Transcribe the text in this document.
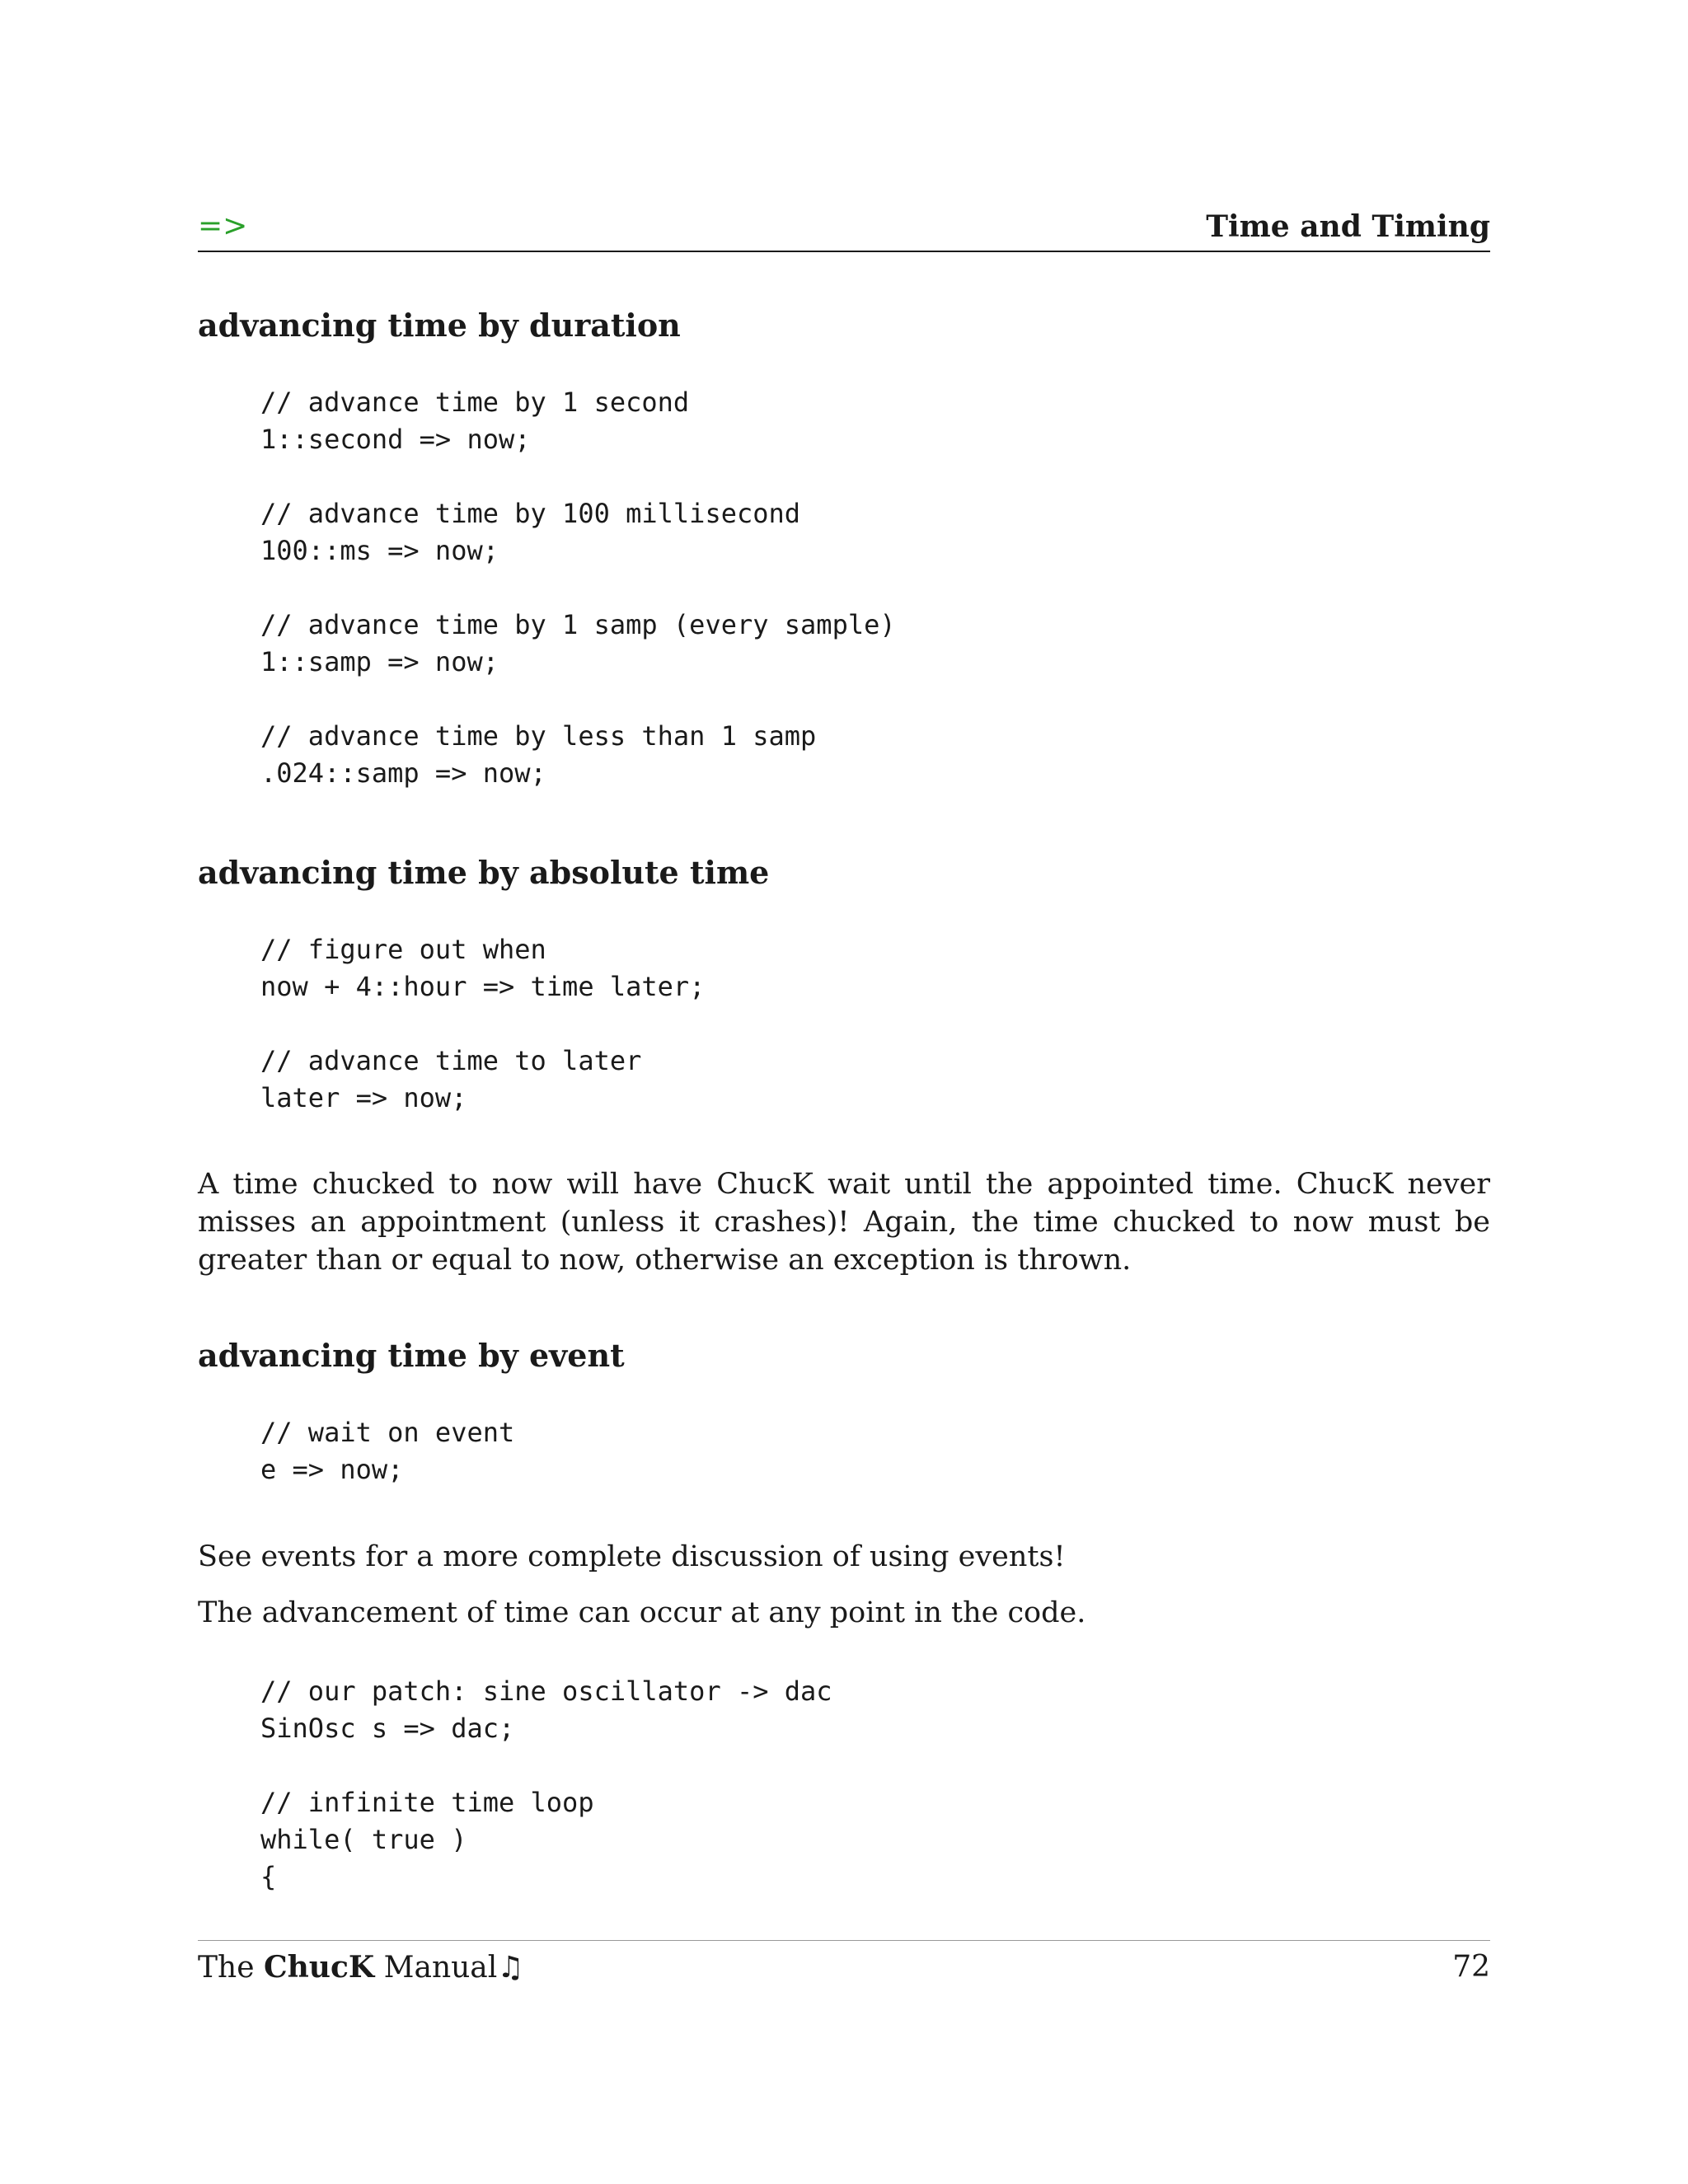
=>	Time and Timing
advancing time by duration
// advance time by 1 second
1::second => now;

// advance time by 100 millisecond
100::ms => now;

// advance time by 1 samp (every sample)
1::samp => now;

// advance time by less than 1 samp
.024::samp => now;
advancing time by absolute time
// figure out when
now + 4::hour => time later;

// advance time to later
later => now;

A time chucked to now will have ChucK wait until the appointed time. ChucK never misses an appointment (unless it crashes)! Again, the time chucked to now must be greater than or equal to now, otherwise an exception is thrown.

advancing time by event
// wait on event
e => now;

See events for a more complete discussion of using events!

The advancement of time can occur at any point in the code.

// our patch: sine oscillator -> dac
SinOsc s => dac;

// infinite time loop
while( true )
{
The ChucK Manual♫	72
